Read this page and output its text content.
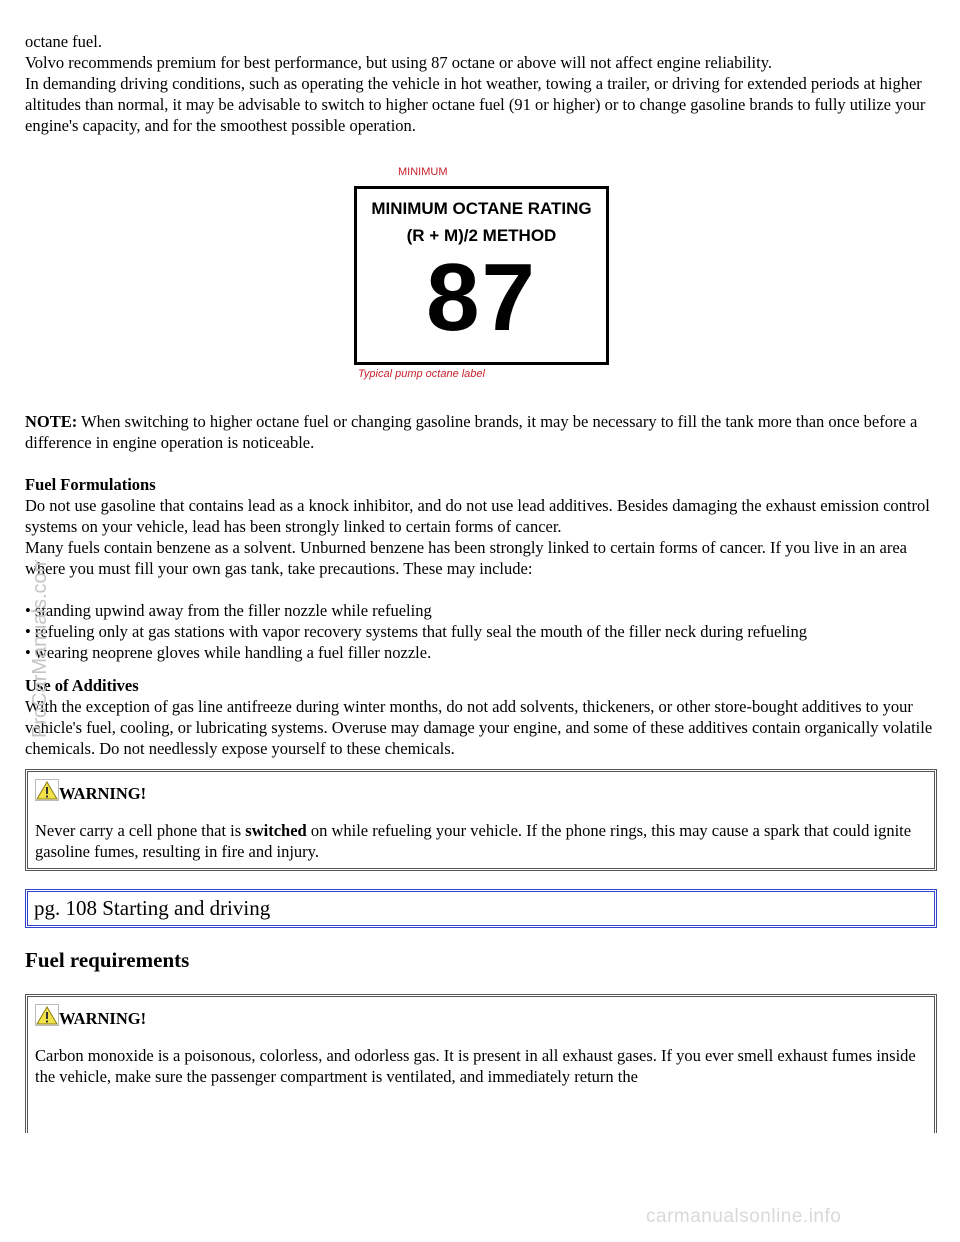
octane fuel.

Volvo recommends premium for best performance, but using 87 octane or above will not affect engine reliability.

In demanding driving conditions, such as operating the vehicle in hot weather, towing a trailer, or driving for extended periods at higher altitudes than normal, it may be advisable to switch to higher octane fuel (91 or higher) or to change gasoline brands to fully utilize your engine's capacity, and for the smoothest possible operation.

MINIMUM
MINIMUM OCTANE RATING
(R + M)/2 METHOD
87
Typical pump octane label

NOTE: When switching to higher octane fuel or changing gasoline brands, it may be necessary to fill the tank more than once before a difference in engine operation is noticeable.

Fuel Formulations

Do not use gasoline that contains lead as a knock inhibitor, and do not use lead additives. Besides damaging the exhaust emission control systems on your vehicle, lead has been strongly linked to certain forms of cancer.

Many fuels contain benzene as a solvent. Unburned benzene has been strongly linked to certain forms of cancer. If you live in an area where you must fill your own gas tank, take precautions. These may include:

• standing upwind away from the filler nozzle while refueling

• refueling only at gas stations with vapor recovery systems that fully seal the mouth of the filler neck during refueling

• wearing neoprene gloves while handling a fuel filler nozzle.

Use of Additives

With the exception of gas line antifreeze during winter months, do not add solvents, thickeners, or other store-bought additives to your vehicle's fuel, cooling, or lubricating systems. Overuse may damage your engine, and some of these additives contain organically volatile chemicals. Do not needlessly expose yourself to these chemicals.

WARNING!

Never carry a cell phone that is switched on while refueling your vehicle. If the phone rings, this may cause a spark that could ignite gasoline fumes, resulting in fire and injury.

pg. 108 Starting and driving

Fuel requirements

WARNING!

Carbon monoxide is a poisonous, colorless, and odorless gas. It is present in all exhaust gases. If you ever smell exhaust fumes inside the vehicle, make sure the passenger compartment is ventilated, and immediately return the

ProCarManuals.com
carmanualsonline.info
